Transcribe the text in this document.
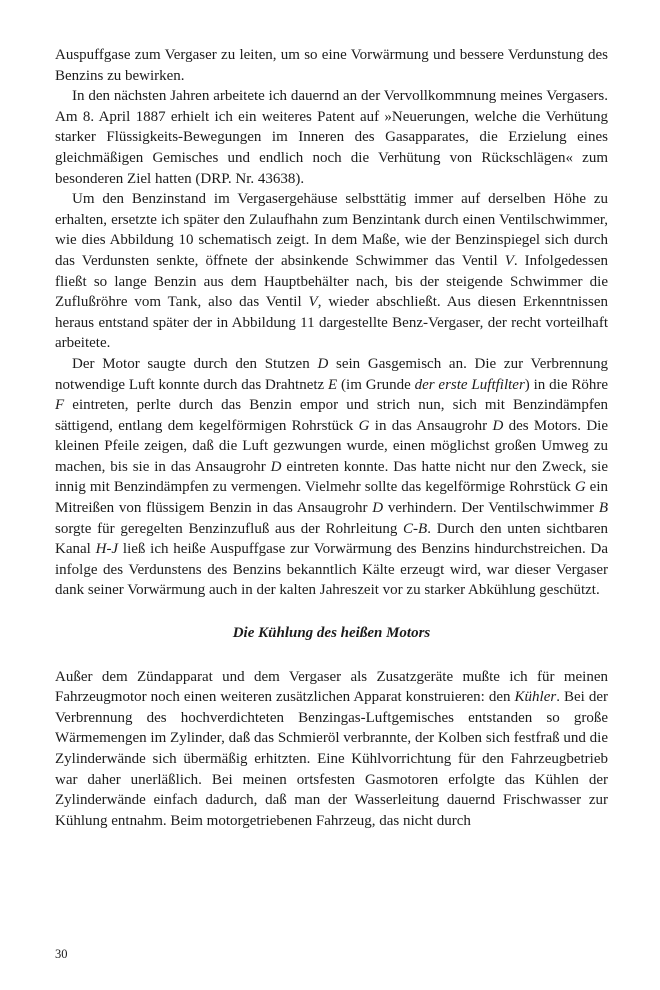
Auspuffgase zum Vergaser zu leiten, um so eine Vorwärmung und bessere Verdunstung des Benzins zu bewirken.

In den nächsten Jahren arbeitete ich dauernd an der Vervollkommnung meines Vergasers. Am 8. April 1887 erhielt ich ein weiteres Patent auf »Neuerungen, welche die Verhütung starker Flüssigkeits-Bewegungen im Inneren des Gasapparates, die Erzielung eines gleichmäßigen Gemisches und endlich noch die Verhütung von Rückschlägen« zum besonderen Ziel hatten (DRP. Nr. 43638).

Um den Benzinstand im Vergasergehäuse selbsttätig immer auf derselben Höhe zu erhalten, ersetzte ich später den Zulaufhahn zum Benzintank durch einen Ventilschwimmer, wie dies Abbildung 10 schematisch zeigt. In dem Maße, wie der Benzinspiegel sich durch das Verdunsten senkte, öffnete der absinkende Schwimmer das Ventil V. Infolgedessen fließt so lange Benzin aus dem Hauptbehälter nach, bis der steigende Schwimmer die Zuflußröhre vom Tank, also das Ventil V, wieder abschließt. Aus diesen Erkenntnissen heraus entstand später der in Abbildung 11 dargestellte Benz-Vergaser, der recht vorteilhaft arbeitete.

Der Motor saugte durch den Stutzen D sein Gasgemisch an. Die zur Verbrennung notwendige Luft konnte durch das Drahtnetz E (im Grunde der erste Luftfilter) in die Röhre F eintreten, perlte durch das Benzin empor und strich nun, sich mit Benzindämpfen sättigend, entlang dem kegelförmigen Rohrstück G in das Ansaugrohr D des Motors. Die kleinen Pfeile zeigen, daß die Luft gezwungen wurde, einen möglichst großen Umweg zu machen, bis sie in das Ansaugrohr D eintreten konnte. Das hatte nicht nur den Zweck, sie innig mit Benzindämpfen zu vermengen. Vielmehr sollte das kegelförmige Rohrstück G ein Mitreißen von flüssigem Benzin in das Ansaugrohr D verhindern. Der Ventilschwimmer B sorgte für geregelten Benzinzufluß aus der Rohrleitung C-B. Durch den unten sichtbaren Kanal H-J ließ ich heiße Auspuffgase zur Vorwärmung des Benzins hindurchstreichen. Da infolge des Verdunstens des Benzins bekanntlich Kälte erzeugt wird, war dieser Vergaser dank seiner Vorwärmung auch in der kalten Jahreszeit vor zu starker Abkühlung geschützt.

Die Kühlung des heißen Motors

Außer dem Zündapparat und dem Vergaser als Zusatzgeräte mußte ich für meinen Fahrzeugmotor noch einen weiteren zusätzlichen Apparat konstruieren: den Kühler. Bei der Verbrennung des hochverdichteten Benzingas-Luftgemisches entstanden so große Wärmemengen im Zylinder, daß das Schmieröl verbrannte, der Kolben sich festfraß und die Zylinderwände sich übermäßig erhitzten. Eine Kühlvorrichtung für den Fahrzeugbetrieb war daher unerläßlich. Bei meinen ortsfesten Gasmotoren erfolgte das Kühlen der Zylinderwände einfach dadurch, daß man der Wasserleitung dauernd Frischwasser zur Kühlung entnahm. Beim motorgetriebenen Fahrzeug, das nicht durch

30
